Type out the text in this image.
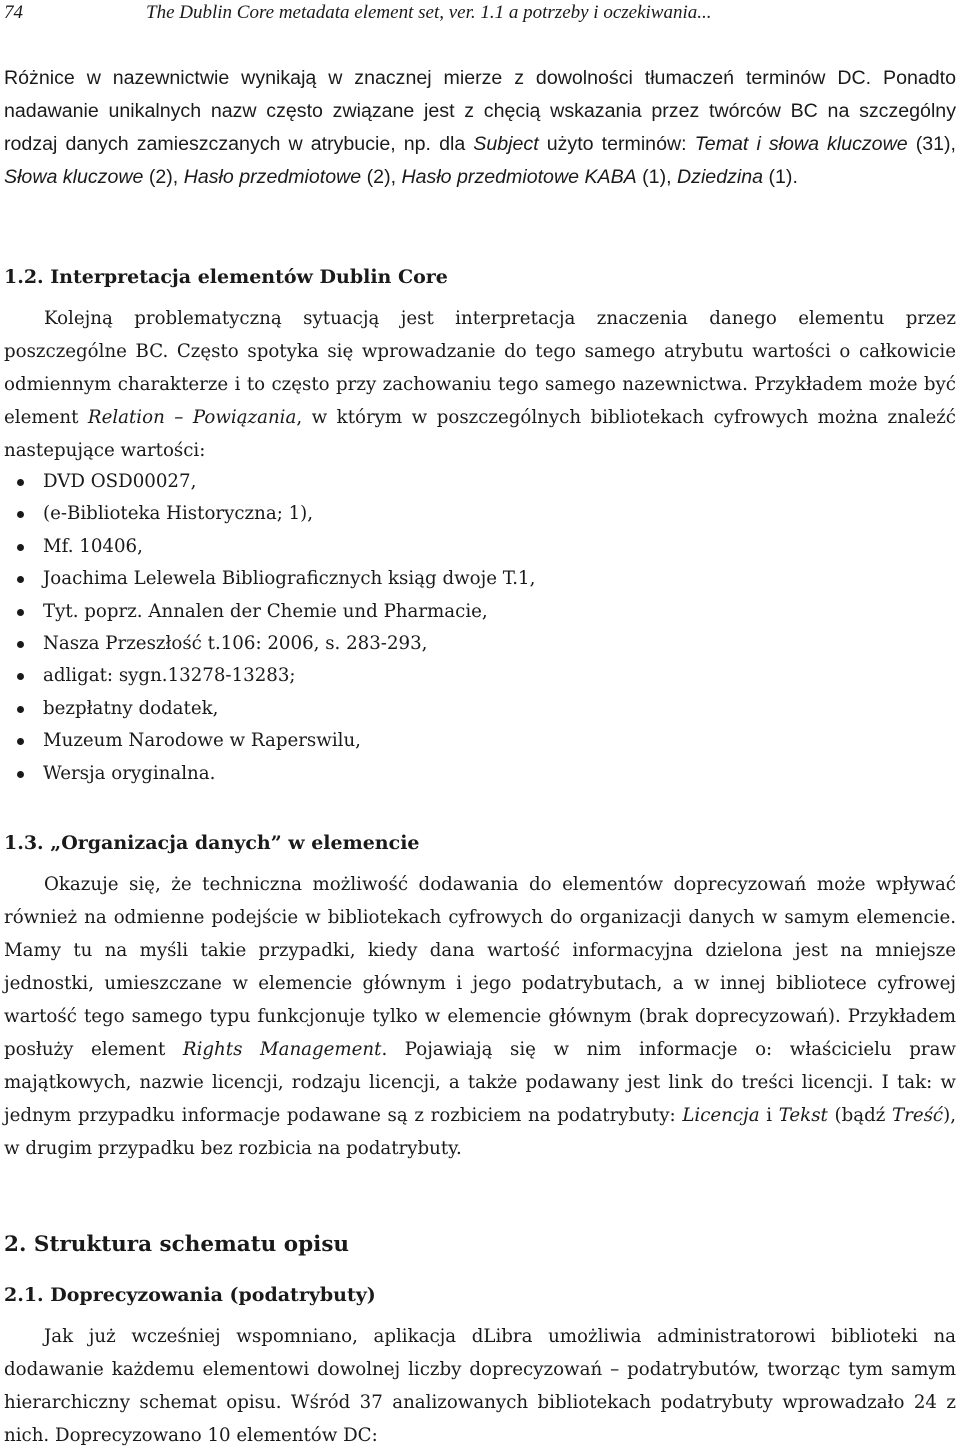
74	The Dublin Core metadata element set, ver. 1.1 a potrzeby i oczekiwania...

Różnice w nazewnictwie wynikają w znacznej mierze z dowolności tłumaczeń terminów DC. Ponadto nadawanie unikalnych nazw często związane jest z chęcią wskazania przez twórców BC na szczególny rodzaj danych zamieszczanych w atrybucie, np. dla Subject użyto terminów: Temat i słowa kluczowe (31), Słowa kluczowe (2), Hasło przedmiotowe (2), Hasło przedmiotowe KABA (1), Dziedzina (1).

1.2. Interpretacja elementów Dublin Core

Kolejną problematyczną sytuacją jest interpretacja znaczenia danego elementu przez poszczególne BC. Często spotyka się wprowadzanie do tego samego atrybutu wartości o całkowicie odmiennym charakterze i to często przy zachowaniu tego samego nazewnictwa. Przykładem może być element Relation – Powiązania, w którym w poszczególnych bibliotekach cyfrowych można znaleźć nastepujące wartości:

DVD OSD00027,
(e-Biblioteka Historyczna; 1),
Mf. 10406,
Joachima Lelewela Bibliograficznych ksiąg dwoje T.1,
Tyt. poprz. Annalen der Chemie und Pharmacie,
Nasza Przeszłość t.106: 2006, s. 283-293,
adligat: sygn.13278-13283;
bezpłatny dodatek,
Muzeum Narodowe w Raperswilu,
Wersja oryginalna.
1.3. „Organizacja danych” w elemencie

Okazuje się, że techniczna możliwość dodawania do elementów doprecyzowań może wpływać również na odmienne podejście w bibliotekach cyfrowych do organizacji danych w samym elemencie. Mamy tu na myśli takie przypadki, kiedy dana wartość informacyjna dzielona jest na mniejsze jednostki, umieszczane w elemencie głównym i jego podatrybutach, a w innej bibliotece cyfrowej wartość tego samego typu funkcjonuje tylko w elemencie głównym (brak doprecyzowań). Przykładem posłuży element Rights Management. Pojawiają się w nim informacje o: właścicielu praw majątkowych, nazwie licencji, rodzaju licencji, a także podawany jest link do treści licencji. I tak: w jednym przypadku informacje podawane są z rozbiciem na podatrybuty: Licencja i Tekst (bądź Treść), w drugim przypadku bez rozbicia na podatrybuty.

2. Struktura schematu opisu
2.1. Doprecyzowania (podatrybuty)

Jak już wcześniej wspomniano, aplikacja dLibra umożliwia administratorowi biblioteki na dodawanie każdemu elementowi dowolnej liczby doprecyzowań – podatrybutów, tworząc tym samym hierarchiczny schemat opisu. Wśród 37 analizowanych bibliotekach podatrybuty wprowadzało 24 z nich. Doprecyzowano 10 elementów DC:
